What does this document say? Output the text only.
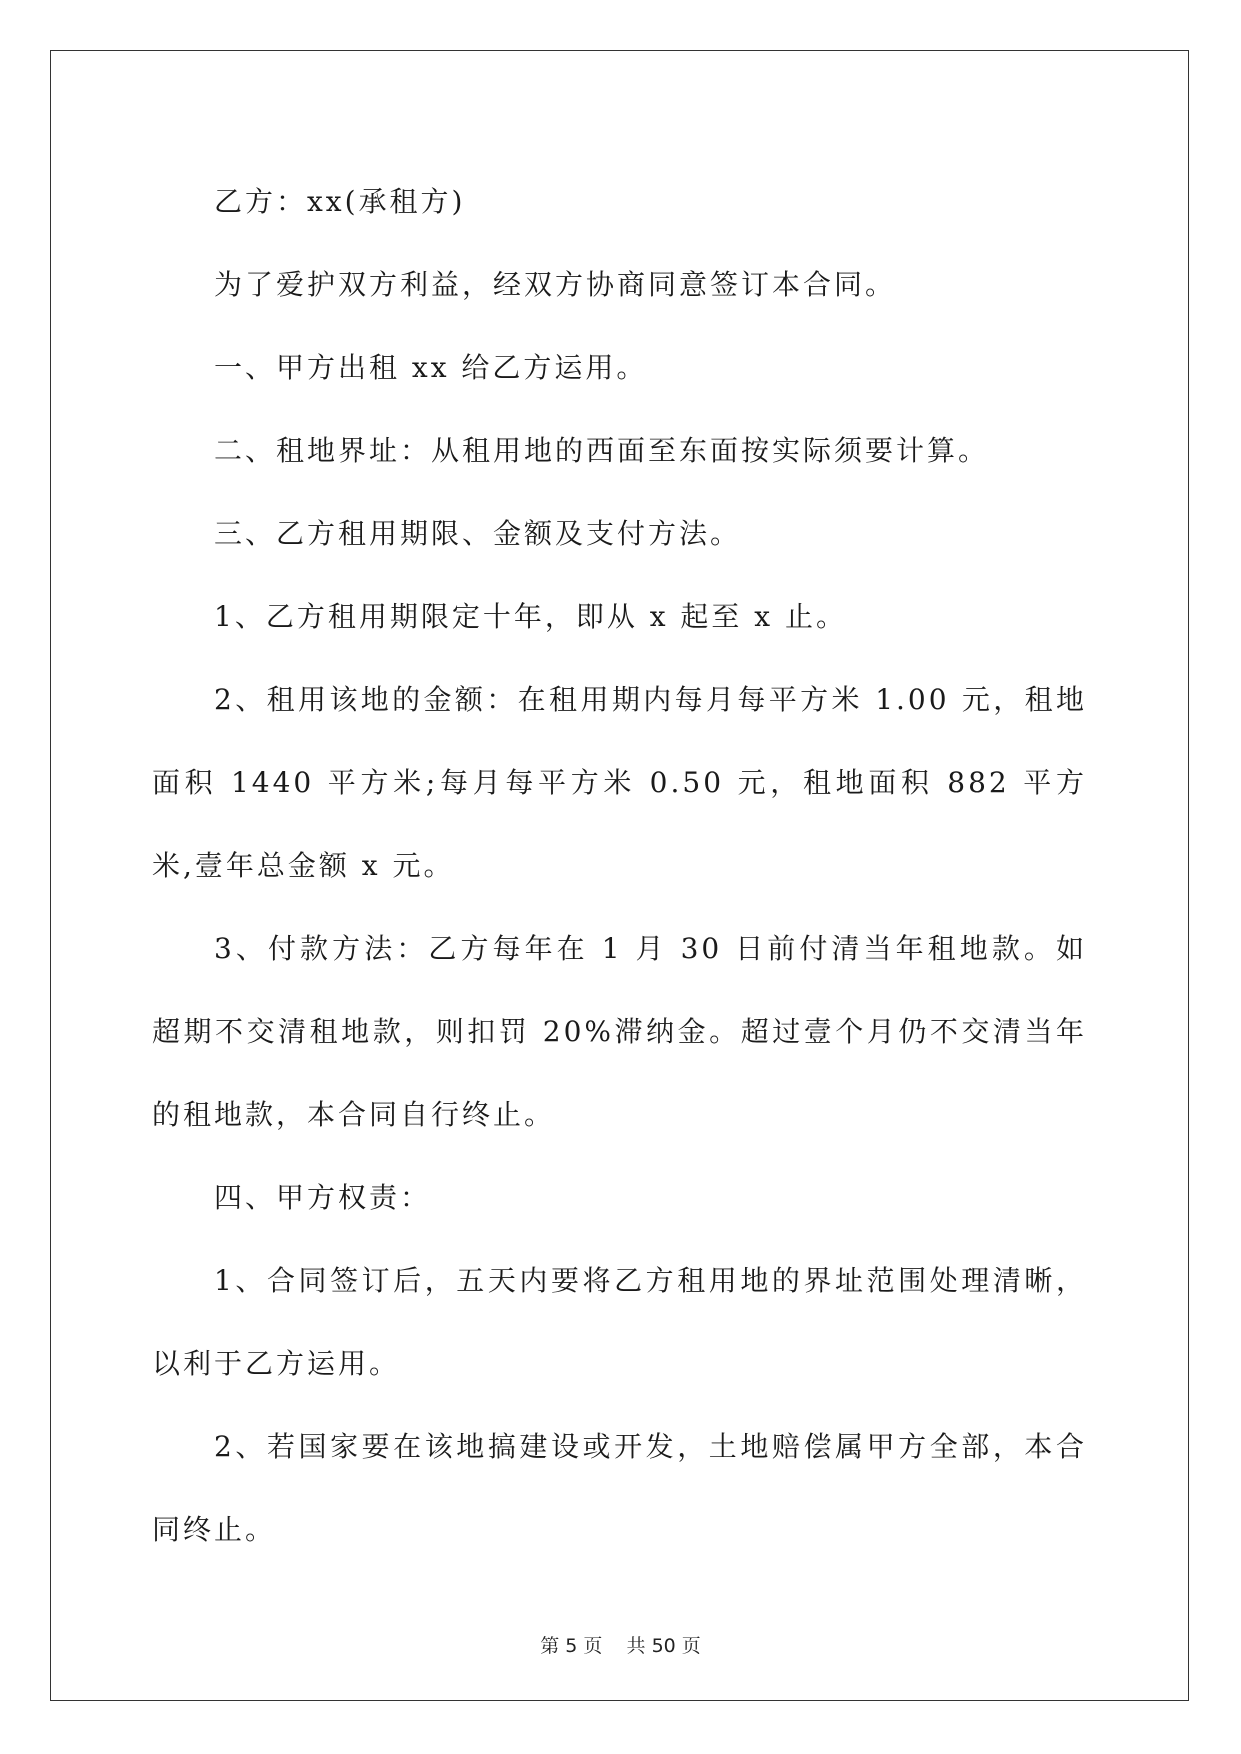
乙方：xx(承租方)

为了爱护双方利益，经双方协商同意签订本合同。

一、甲方出租 xx 给乙方运用。

二、租地界址：从租用地的西面至东面按实际须要计算。

三、乙方租用期限、金额及支付方法。

1、乙方租用期限定十年，即从 x 起至 x 止。

2、租用该地的金额：在租用期内每月每平方米 1.00 元，租地面积 1440 平方米;每月每平方米 0.50 元，租地面积 882 平方米,壹年总金额 x 元。

3、付款方法：乙方每年在 1 月 30 日前付清当年租地款。如超期不交清租地款，则扣罚 20%滞纳金。超过壹个月仍不交清当年的租地款，本合同自行终止。

四、甲方权责：

1、合同签订后，五天内要将乙方租用地的界址范围处理清晰，以利于乙方运用。

2、若国家要在该地搞建设或开发，土地赔偿属甲方全部，本合同终止。

第 5 页    共 50 页
